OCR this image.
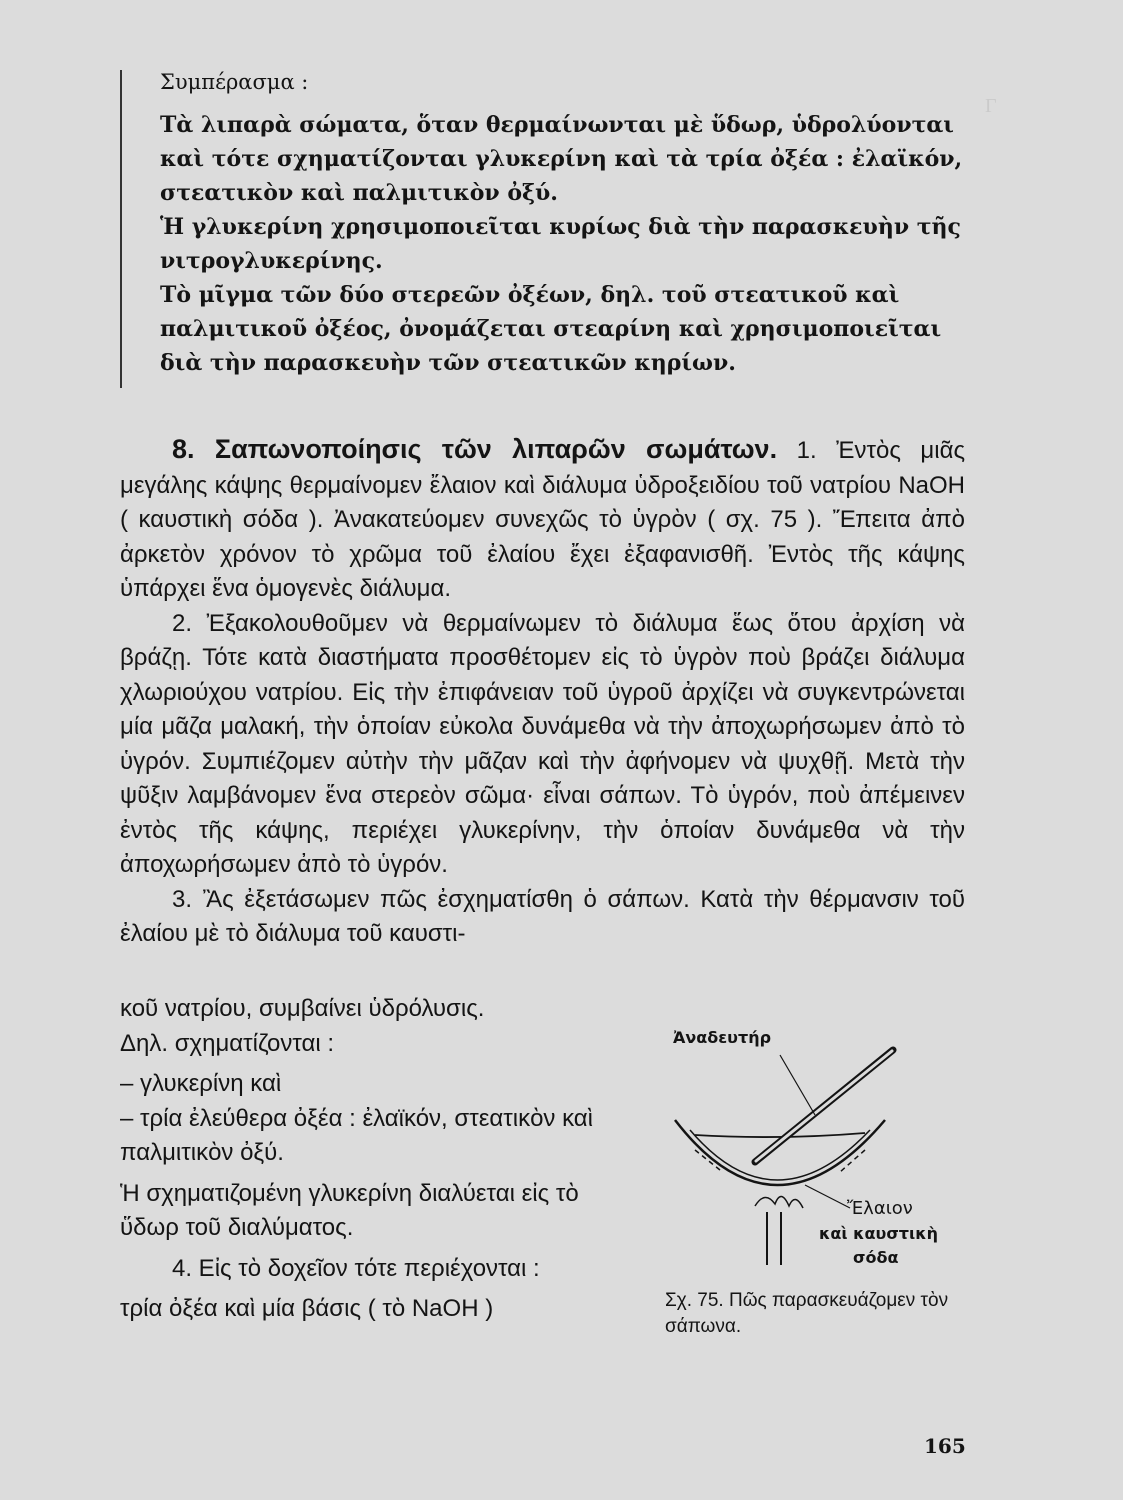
Γ
Συμπέρασμα :

Τὰ λιπαρὰ σώματα, ὅταν θερμαίνωνται μὲ ὕδωρ, ὑδρολύονται καὶ τότε σχηματίζονται γλυκερίνη καὶ τὰ τρία ὀξέα : ἐλαϊκόν, στεατικὸν καὶ παλμιτικὸν ὀξύ.

Ἡ γλυκερίνη χρησιμοποιεῖται κυρίως διὰ τὴν παρασκευὴν τῆς νιτρογλυκερίνης.

Τὸ μῖγμα τῶν δύο στερεῶν ὀξέων, δηλ. τοῦ στεατικοῦ καὶ παλμιτικοῦ ὀξέος, ὀνομάζεται στεαρίνη καὶ χρησιμοποιεῖται διὰ τὴν παρασκευὴν τῶν στεατικῶν κηρίων.

8. Σαπωνοποίησις τῶν λιπαρῶν σωμάτων. 1. Ἐντὸς μιᾶς μεγάλης κάψης θερμαίνομεν ἔλαιον καὶ διάλυμα ὑδροξειδίου τοῦ νατρίου NaOH ( καυστικὴ σόδα ). Ἀνακατεύομεν συνεχῶς τὸ ὑγρὸν ( σχ. 75 ). Ἔπειτα ἀπὸ ἀρκετὸν χρόνον τὸ χρῶμα τοῦ ἐλαίου ἔχει ἐξαφανισθῆ. Ἐντὸς τῆς κάψης ὑπάρχει ἕνα ὁμογενὲς διάλυμα.

2. Ἐξακολουθοῦμεν νὰ θερμαίνωμεν τὸ διάλυμα ἕως ὅτου ἀρχίση νὰ βράζῃ. Τότε κατὰ διαστήματα προσθέτομεν εἰς τὸ ὑγρὸν ποὺ βράζει διάλυμα χλωριούχου νατρίου. Εἰς τὴν ἐπιφάνειαν τοῦ ὑγροῦ ἀρχίζει νὰ συγκεντρώνεται μία μᾶζα μαλακή, τὴν ὁποίαν εὐκολα δυνάμεθα νὰ τὴν ἀποχωρήσωμεν ἀπὸ τὸ ὑγρόν. Συμπιέζομεν αὐτὴν τὴν μᾶζαν καὶ τὴν ἀφήνομεν νὰ ψυχθῇ. Μετὰ τὴν ψῦξιν λαμβάνομεν ἕνα στερεὸν σῶμα· εἶναι σάπων. Τὸ ὑγρόν, ποὺ ἀπέμεινεν ἐντὸς τῆς κάψης, περιέχει γλυκερίνην, τὴν ὁποίαν δυνάμεθα νὰ τὴν ἀποχωρήσωμεν ἀπὸ τὸ ὑγρόν.

3. Ἂς ἐξετάσωμεν πῶς ἐσχηματίσθη ὁ σάπων. Κατὰ τὴν θέρμανσιν τοῦ ἐλαίου μὲ τὸ διάλυμα τοῦ καυστι-

κοῦ νατρίου, συμβαίνει ὑδρόλυσις.

Δηλ. σχηματίζονται :

– γλυκερίνη καὶ

– τρία ἐλεύθερα ὀξέα : ἐλαϊκόν, στεατικὸν καὶ παλμιτικὸν ὀξύ.

Ἡ σχηματιζομένη γλυκερίνη διαλύεται εἰς τὸ ὕδωρ τοῦ διαλύματος.

4. Εἰς τὸ δοχεῖον τότε περιέχονται :

τρία ὀξέα καὶ μία βάσις ( τὸ NaOH )

Ἀναδευτήρ
Ἔλαιον
καὶ καυστικὴ
σόδα
Σχ. 75. Πῶς παρασκευάζομεν τὸν σάπωνα.
165
